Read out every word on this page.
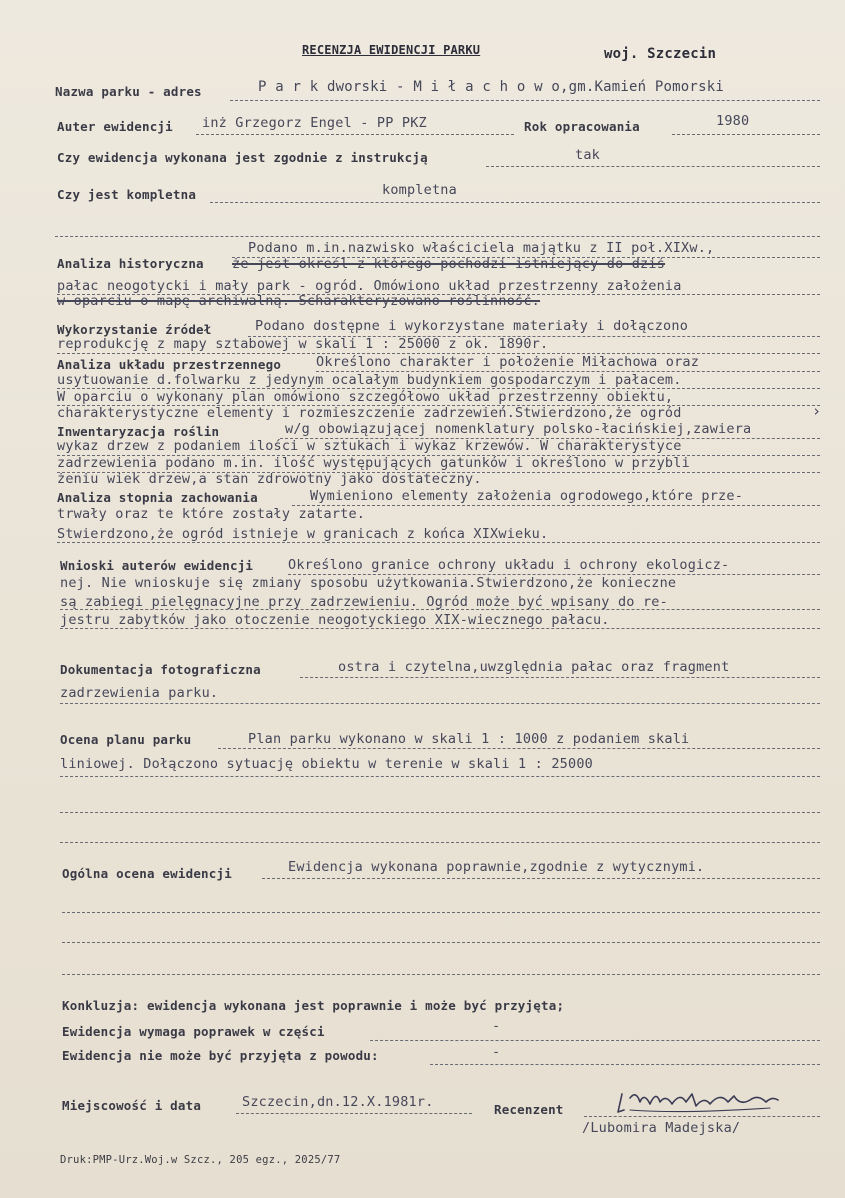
RECENZJA EWIDENCJI PARKU	woj. Szczecin
Nazwa parku - adres	P a r k dworski - M i ł a c h o w o,gm.Kamień Pomorski
Auter ewidencji inż Grzegorz Engel - PP PKZ	Rok opracowania	1980
Czy ewidencja wykonana jest zgodnie z instrukcją	tak
Czy jest kompletna	kompletna
Analiza historyczna
Podano m.in.nazwisko właściciela majątku z II poł.XIXw.,
że jest określ z którego pochodzi istniejący do dziś
pałac neogotycki i mały park - ogród. Omówiono układ przestrzenny założenia
w oparciu o mapę archiwalną. Scharakteryzowano roślinność.
Wykorzystanie źródeł	Podano dostępne i wykorzystane materiały i dołączono
reprodukcję z mapy sztabowej w skali 1 : 25000 z ok. 1890r.
Analiza układu przestrzennego	Określono charakter i położenie Miłachowa oraz
usytuowanie d.folwarku z jedynym ocalałym budynkiem gospodarczym i pałacem.
W oparciu o wykonany plan omówiono szczegółowo układ przestrzenny obiektu,
charakterystyczne elementy i rozmieszczenie zadrzewień.Stwierdzono,że ogród	›
Inwentaryzacja roślin	w/g obowiązującej nomenklatury polsko-łacińskiej,zawiera
wykaz drzew z podaniem ilości w sztukach i wykaz krzewów. W charakterystyce
zadrzewienia podano m.in. ilość występujących gatunków i określono w przybli
żeniu wiek drzew,a stan zdrowotny jako dostateczny.
Analiza stopnia zachowania	Wymieniono elementy założenia ogrodowego,które prze-
trwały oraz te które zostały zatarte.
Stwierdzono,że ogród istnieje w granicach z końca XIXwieku.
Wnioski auterów ewidencji	Określono granice ochrony układu i ochrony ekologicz-
nej. Nie wnioskuje się zmiany sposobu użytkowania.Stwierdzono,że konieczne
są zabiegi pielęgnacyjne przy zadrzewieniu. Ogród może być wpisany do re-
jestru zabytków jako otoczenie neogotyckiego XIX-wiecznego pałacu.
Dokumentacja fotograficzna	ostra i czytelna,uwzględnia pałac oraz fragment
zadrzewienia parku.
Ocena planu parku	Plan parku wykonano w skali 1 : 1000 z podaniem skali
liniowej. Dołączono sytuację obiektu w terenie w skali 1 : 25000
Ogólna ocena ewidencji	Ewidencja wykonana poprawnie,zgodnie z wytycznymi.
Konkluzja: ewidencja wykonana jest poprawnie i może być przyjęta;
Ewidencja wymaga poprawek w części	-
Ewidencja nie może być przyjęta z powodu:	-
Miejscowość i data	Szczecin,dn.12.X.1981r.	Recenzent
/Lubomira Madejska/
Druk:PMP-Urz.Woj.w Szcz., 205 egz., 2025/77
